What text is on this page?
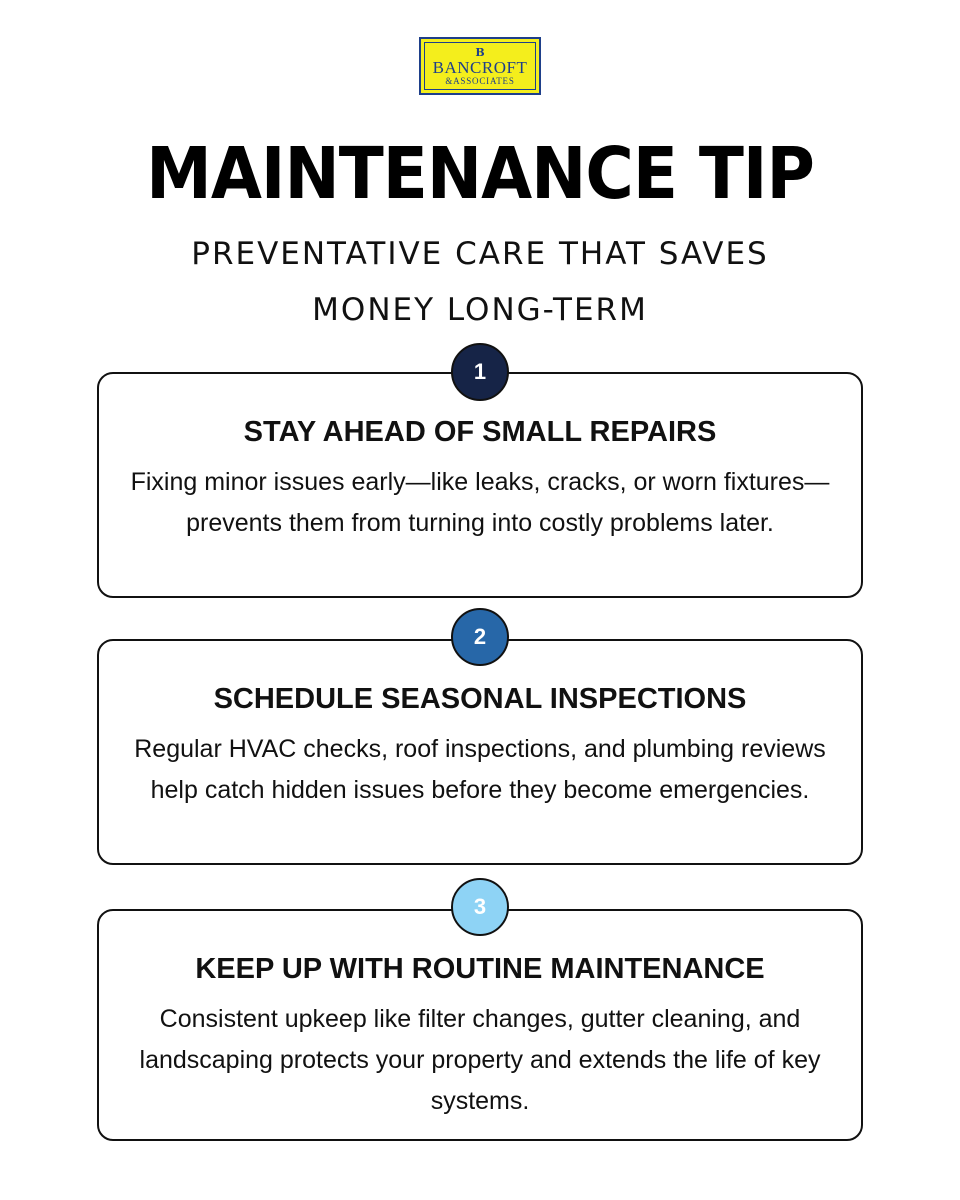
B
BANCROFT
&ASSOCIATES
MAINTENANCE TIP
PREVENTATIVE CARE THAT SAVES
MONEY LONG-TERM
STAY AHEAD OF SMALL REPAIRS
Fixing minor issues early—like leaks, cracks, or worn fixtures—prevents them from turning into costly problems later.
1
SCHEDULE SEASONAL INSPECTIONS
Regular HVAC checks, roof inspections, and plumbing reviews help catch hidden issues before they become emergencies.
2
KEEP UP WITH ROUTINE MAINTENANCE
Consistent upkeep like filter changes, gutter cleaning, and landscaping protects your property and extends the life of key systems.
3
